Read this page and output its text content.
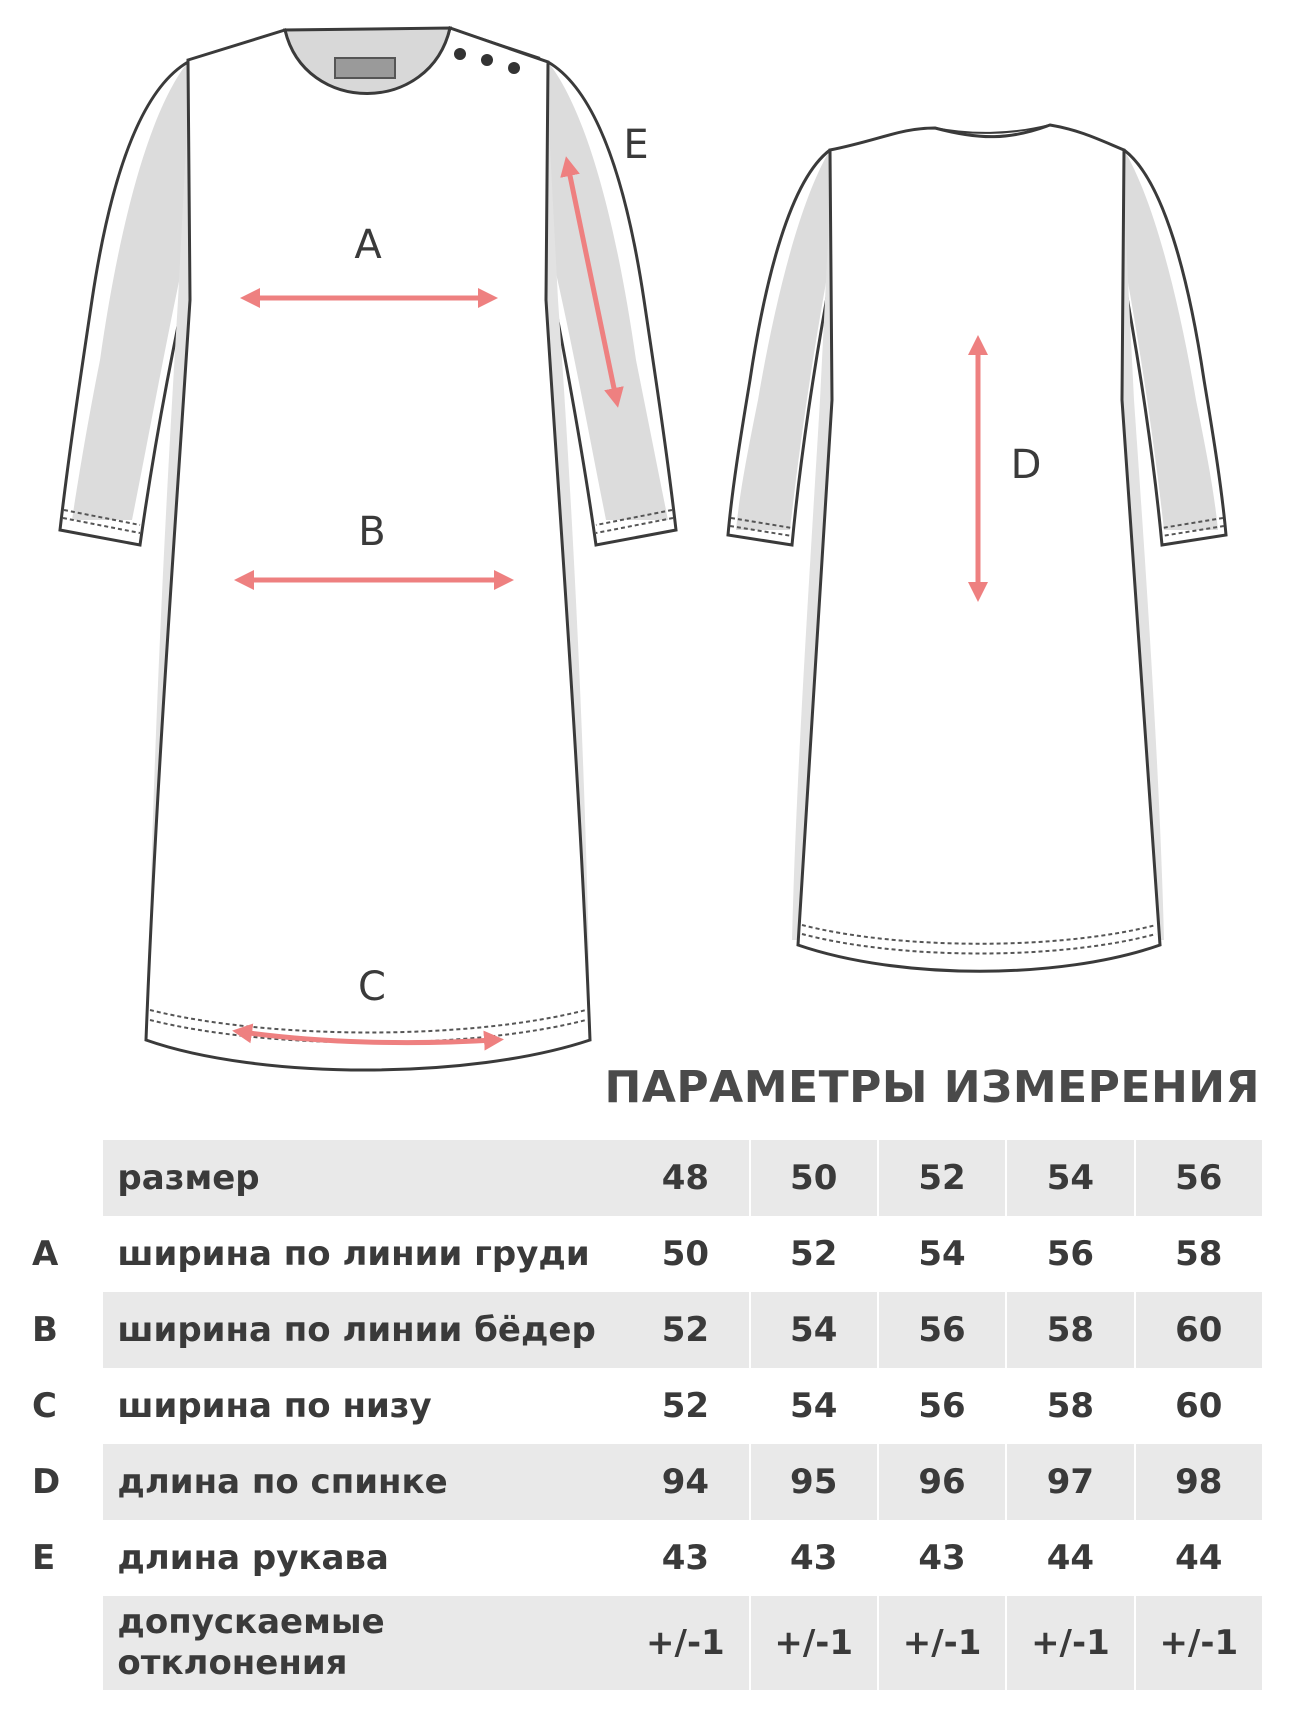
A
B
C
D
E
ПАРАМЕТРЫ ИЗМЕРЕНИЯ
	размер	48	50	52	54	56
A	ширина по линии груди	50	52	54	56	58
B	ширина по линии бёдер	52	54	56	58	60
C	ширина по низу	52	54	56	58	60
D	длина по спинке	94	95	96	97	98
E	длина рукава	43	43	43	44	44

	допускаемые
отклонения	+/-1	+/-1	+/-1	+/-1	+/-1
